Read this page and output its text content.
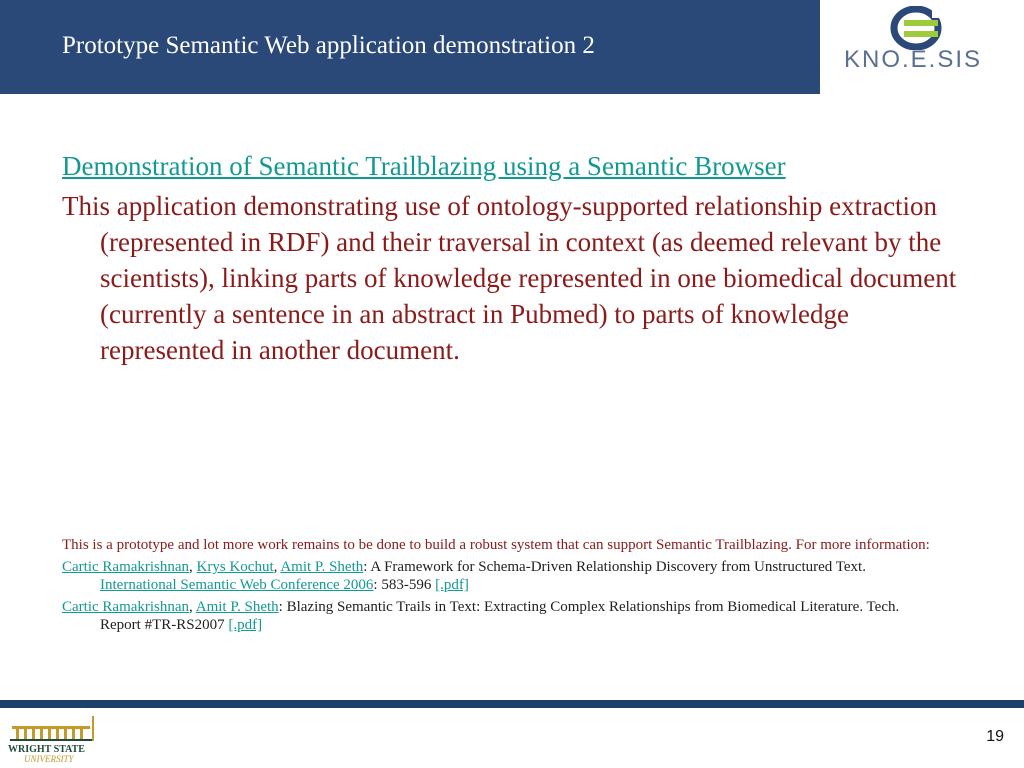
Prototype Semantic Web application demonstration 2
KNO.E.SIS

Demonstration of Semantic Trailblazing using a Semantic Browser

This application demonstrating use of ontology-supported relationship extraction (represented in RDF) and their traversal in context (as deemed relevant by the scientists), linking parts of knowledge represented in one biomedical document (currently a sentence in an abstract in Pubmed) to parts of knowledge represented in another document.

This is a prototype and lot more work remains to be done to build a robust system that can support Semantic Trailblazing. For more information:

Cartic Ramakrishnan, Krys Kochut, Amit P. Sheth: A Framework for Schema-Driven Relationship Discovery from Unstructured Text. International Semantic Web Conference 2006: 583-596 [.pdf]

Cartic Ramakrishnan, Amit P. Sheth: Blazing Semantic Trails in Text: Extracting Complex Relationships from Biomedical Literature. Tech. Report #TR-RS2007 [.pdf]

WRIGHT STATE
UNIVERSITY
19
